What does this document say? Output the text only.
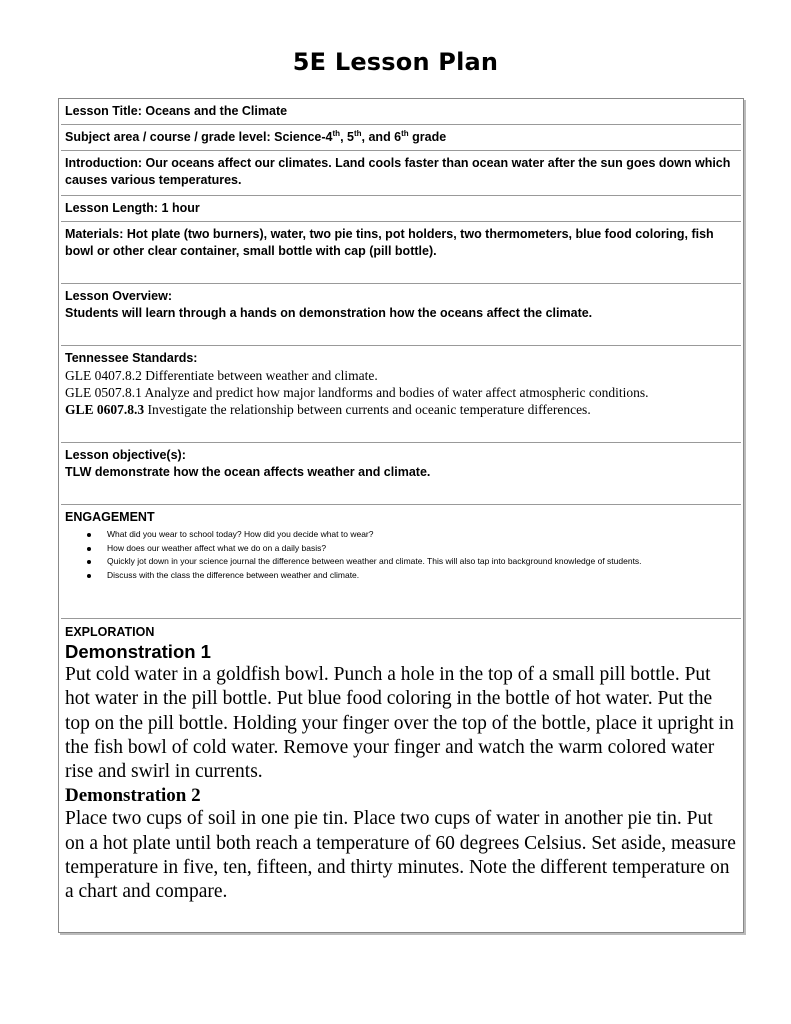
5E Lesson Plan
Lesson Title: Oceans and the Climate
Subject area / course / grade level: Science-4th, 5th, and 6th grade
Introduction: Our oceans affect our climates. Land cools faster than ocean water after the sun goes down which causes various temperatures.
Lesson Length: 1 hour
Materials: Hot plate (two burners), water, two pie tins, pot holders, two thermometers, blue food coloring, fish bowl or other clear container, small bottle with cap (pill bottle).
Lesson Overview:
Students will learn through a hands on demonstration how the oceans affect the climate.
Tennessee Standards:
GLE 0407.8.2 Differentiate between weather and climate.
GLE 0507.8.1 Analyze and predict how major landforms and bodies of water affect atmospheric conditions.
GLE 0607.8.3 Investigate the relationship between currents and oceanic temperature differences.
Lesson objective(s):
TLW demonstrate how the ocean affects weather and climate.
ENGAGEMENT
What did you wear to school today? How did you decide what to wear?
How does our weather affect what we do on a daily basis?
Quickly jot down in your science journal the difference between weather and climate. This will also tap into background knowledge of students.
Discuss with the class the difference between weather and climate.
EXPLORATION
Demonstration 1
Put cold water in a goldfish bowl. Punch a hole in the top of a small pill bottle. Put hot water in the pill bottle. Put blue food coloring in the bottle of hot water. Put the top on the pill bottle. Holding your finger over the top of the bottle, place it upright in the fish bowl of cold water. Remove your finger and watch the warm colored water rise and swirl in currents.
Demonstration 2
Place two cups of soil in one pie tin. Place two cups of water in another pie tin. Put on a hot plate until both reach a temperature of 60 degrees Celsius. Set aside, measure temperature in five, ten, fifteen, and thirty minutes. Note the different temperature on a chart and compare.
